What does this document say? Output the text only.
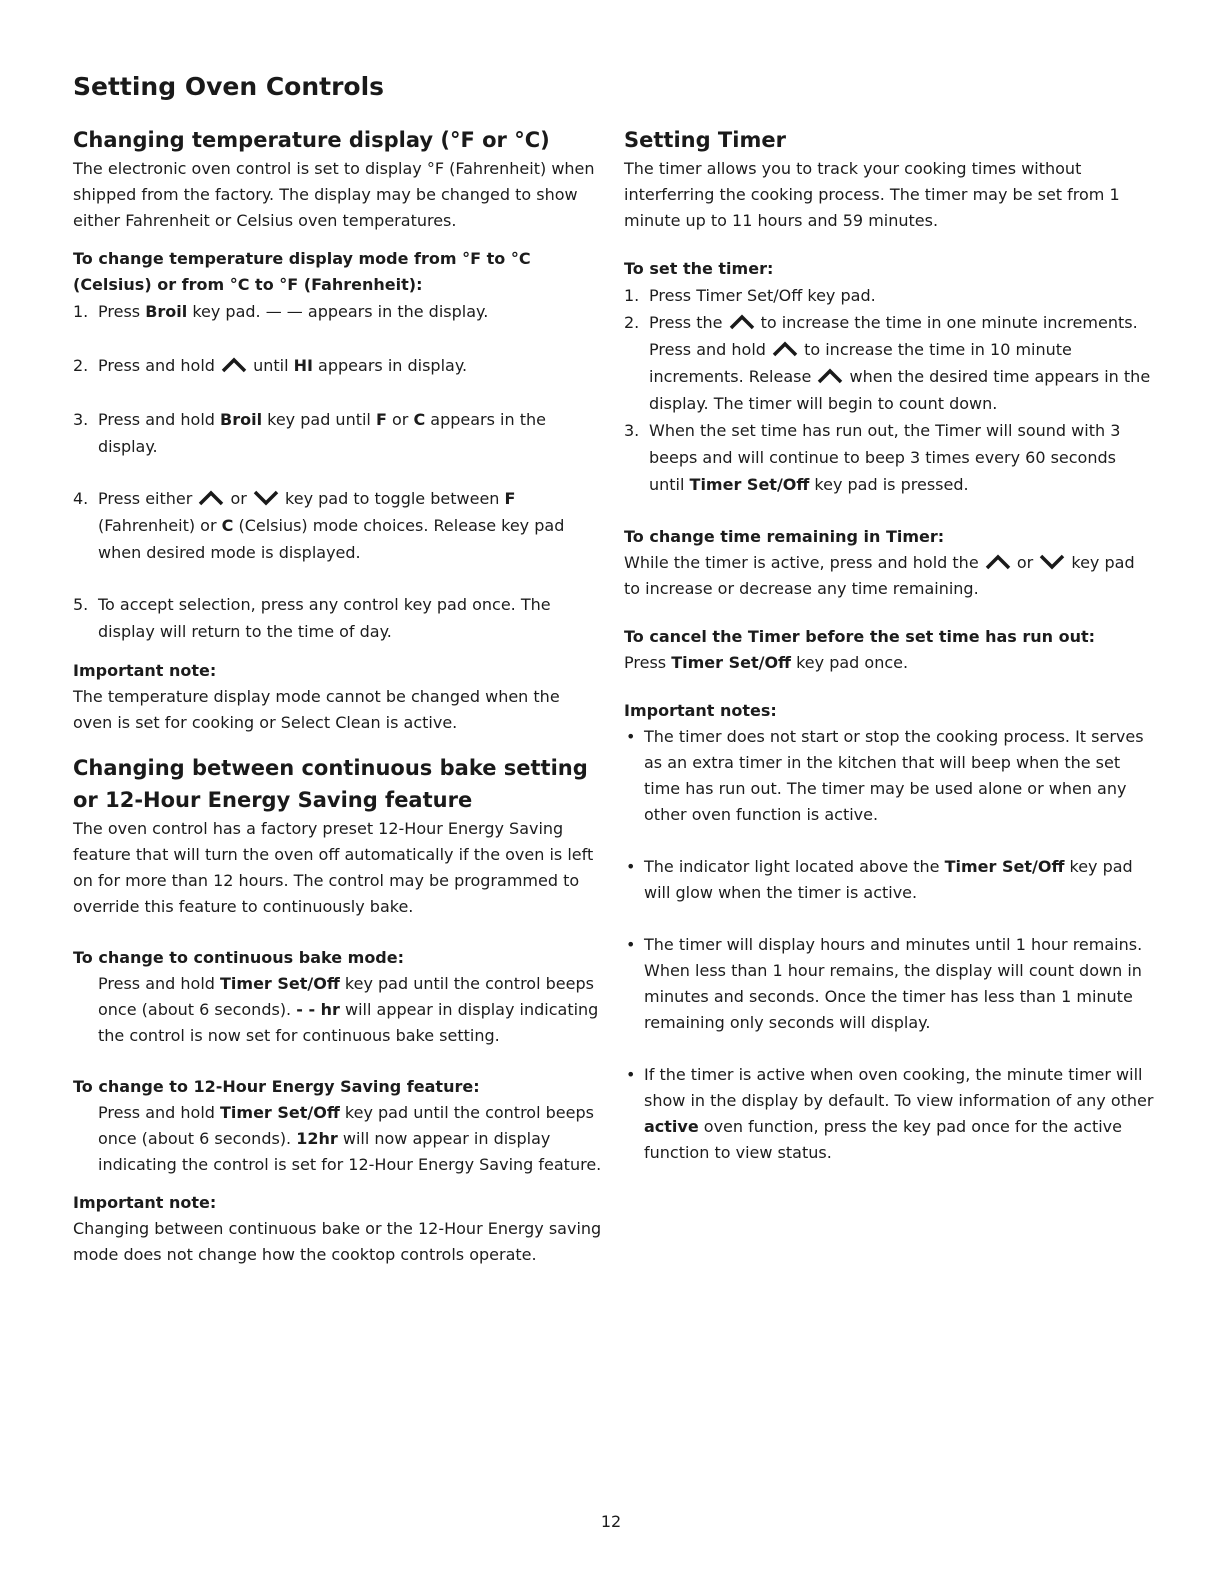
Setting Oven Controls
Changing temperature display (°F or °C)

The electronic oven control is set to display °F (Fahrenheit) when shipped from the factory. The display may be changed to show either Fahrenheit or Celsius oven temperatures.

To change temperature display mode from °F to °C (Celsius) or from °C to °F (Fahrenheit):

1. Press Broil key pad. — — appears in the display.

2. Press and hold
until HI appears in display.

3. Press and hold Broil key pad until F or C appears in the display.

4. Press either
or
key pad to toggle between F (Fahrenheit) or C (Celsius) mode choices. Release key pad when desired mode is displayed.

5. To accept selection, press any control key pad once. The display will return to the time of day.

Important note:

The temperature display mode cannot be changed when the oven is set for cooking or Select Clean is active.

Changing between continuous bake setting or 12-Hour Energy Saving feature

The oven control has a factory preset 12-Hour Energy Saving feature that will turn the oven off automatically if the oven is left on for more than 12 hours. The control may be programmed to override this feature to continuously bake.

To change to continuous bake mode:

Press and hold Timer Set/Off key pad until the control beeps once (about 6 seconds). - - hr will appear in display indicating the control is now set for continuous bake setting.

To change to 12-Hour Energy Saving feature:

Press and hold Timer Set/Off key pad until the control beeps once (about 6 seconds). 12hr will now appear in display indicating the control is set for 12-Hour Energy Saving feature.

Important note:

Changing between continuous bake or the 12-Hour Energy saving mode does not change how the cooktop controls operate.

Setting Timer

The timer allows you to track your cooking times without interferring the cooking process. The timer may be set from 1 minute up to 11 hours and 59 minutes.

To set the timer:

1. Press Timer Set/Off key pad.

2. Press the
to increase the time in one minute increments. Press and hold
to increase the time in 10 minute increments. Release
when the desired time appears in the display. The timer will begin to count down.

3. When the set time has run out, the Timer will sound with 3 beeps and will continue to beep 3 times every 60 seconds until Timer Set/Off key pad is pressed.

To change time remaining in Timer:

While the timer is active, press and hold the
or
key pad to increase or decrease any time remaining.

To cancel the Timer before the set time has run out:

Press Timer Set/Off key pad once.

Important notes:

• The timer does not start or stop the cooking process. It serves as an extra timer in the kitchen that will beep when the set time has run out. The timer may be used alone or when any other oven function is active.

• The indicator light located above the Timer Set/Off key pad will glow when the timer is active.

• The timer will display hours and minutes until 1 hour remains. When less than 1 hour remains, the display will count down in minutes and seconds. Once the timer has less than 1 minute remaining only seconds will display.

• If the timer is active when oven cooking, the minute timer will show in the display by default. To view information of any other active oven function, press the key pad once for the active function to view status.

12
